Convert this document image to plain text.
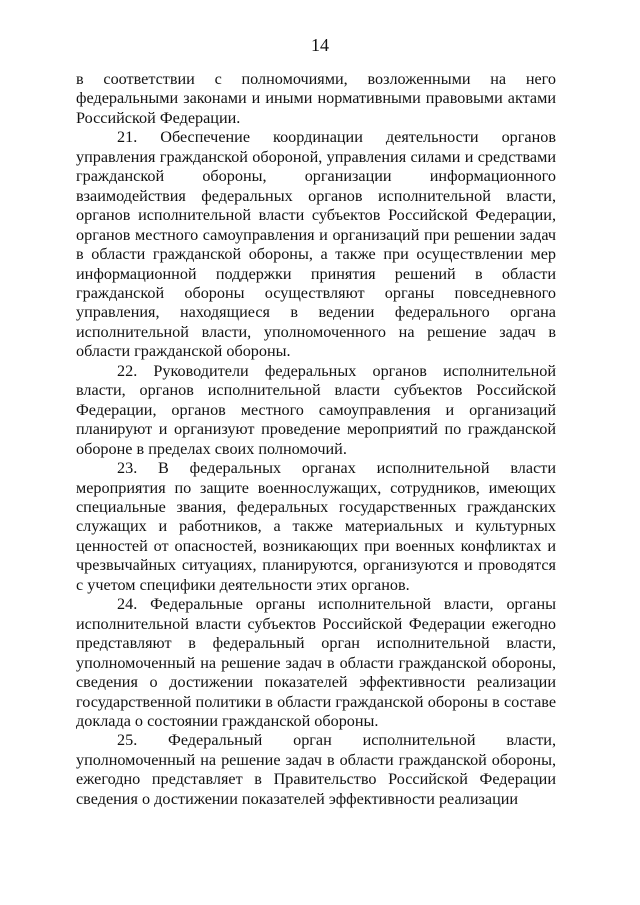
14

в соответствии с полномочиями, возложенными на него федеральными законами и иными нормативными правовыми актами Российской Федерации.

21. Обеспечение координации деятельности органов управления гражданской обороной, управления силами и средствами гражданской обороны, организации информационного взаимодействия федеральных органов исполнительной власти, органов исполнительной власти субъектов Российской Федерации, органов местного самоуправления и организаций при решении задач в области гражданской обороны, а также при осуществлении мер информационной поддержки принятия решений в области гражданской обороны осуществляют органы повседневного управления, находящиеся в ведении федерального органа исполнительной власти, уполномоченного на решение задач в области гражданской обороны.

22. Руководители федеральных органов исполнительной власти, органов исполнительной власти субъектов Российской Федерации, органов местного самоуправления и организаций планируют и организуют проведение мероприятий по гражданской обороне в пределах своих полномочий.

23. В федеральных органах исполнительной власти мероприятия по защите военнослужащих, сотрудников, имеющих специальные звания, федеральных государственных гражданских служащих и работников, а также материальных и культурных ценностей от опасностей, возникающих при военных конфликтах и чрезвычайных ситуациях, планируются, организуются и проводятся с учетом специфики деятельности этих органов.

24. Федеральные органы исполнительной власти, органы исполнительной власти субъектов Российской Федерации ежегодно представляют в федеральный орган исполнительной власти, уполномоченный на решение задач в области гражданской обороны, сведения о достижении показателей эффективности реализации государственной политики в области гражданской обороны в составе доклада о состоянии гражданской обороны.

25. Федеральный орган исполнительной власти, уполномоченный на решение задач в области гражданской обороны, ежегодно представляет в Правительство Российской Федерации сведения о достижении показателей эффективности реализации
